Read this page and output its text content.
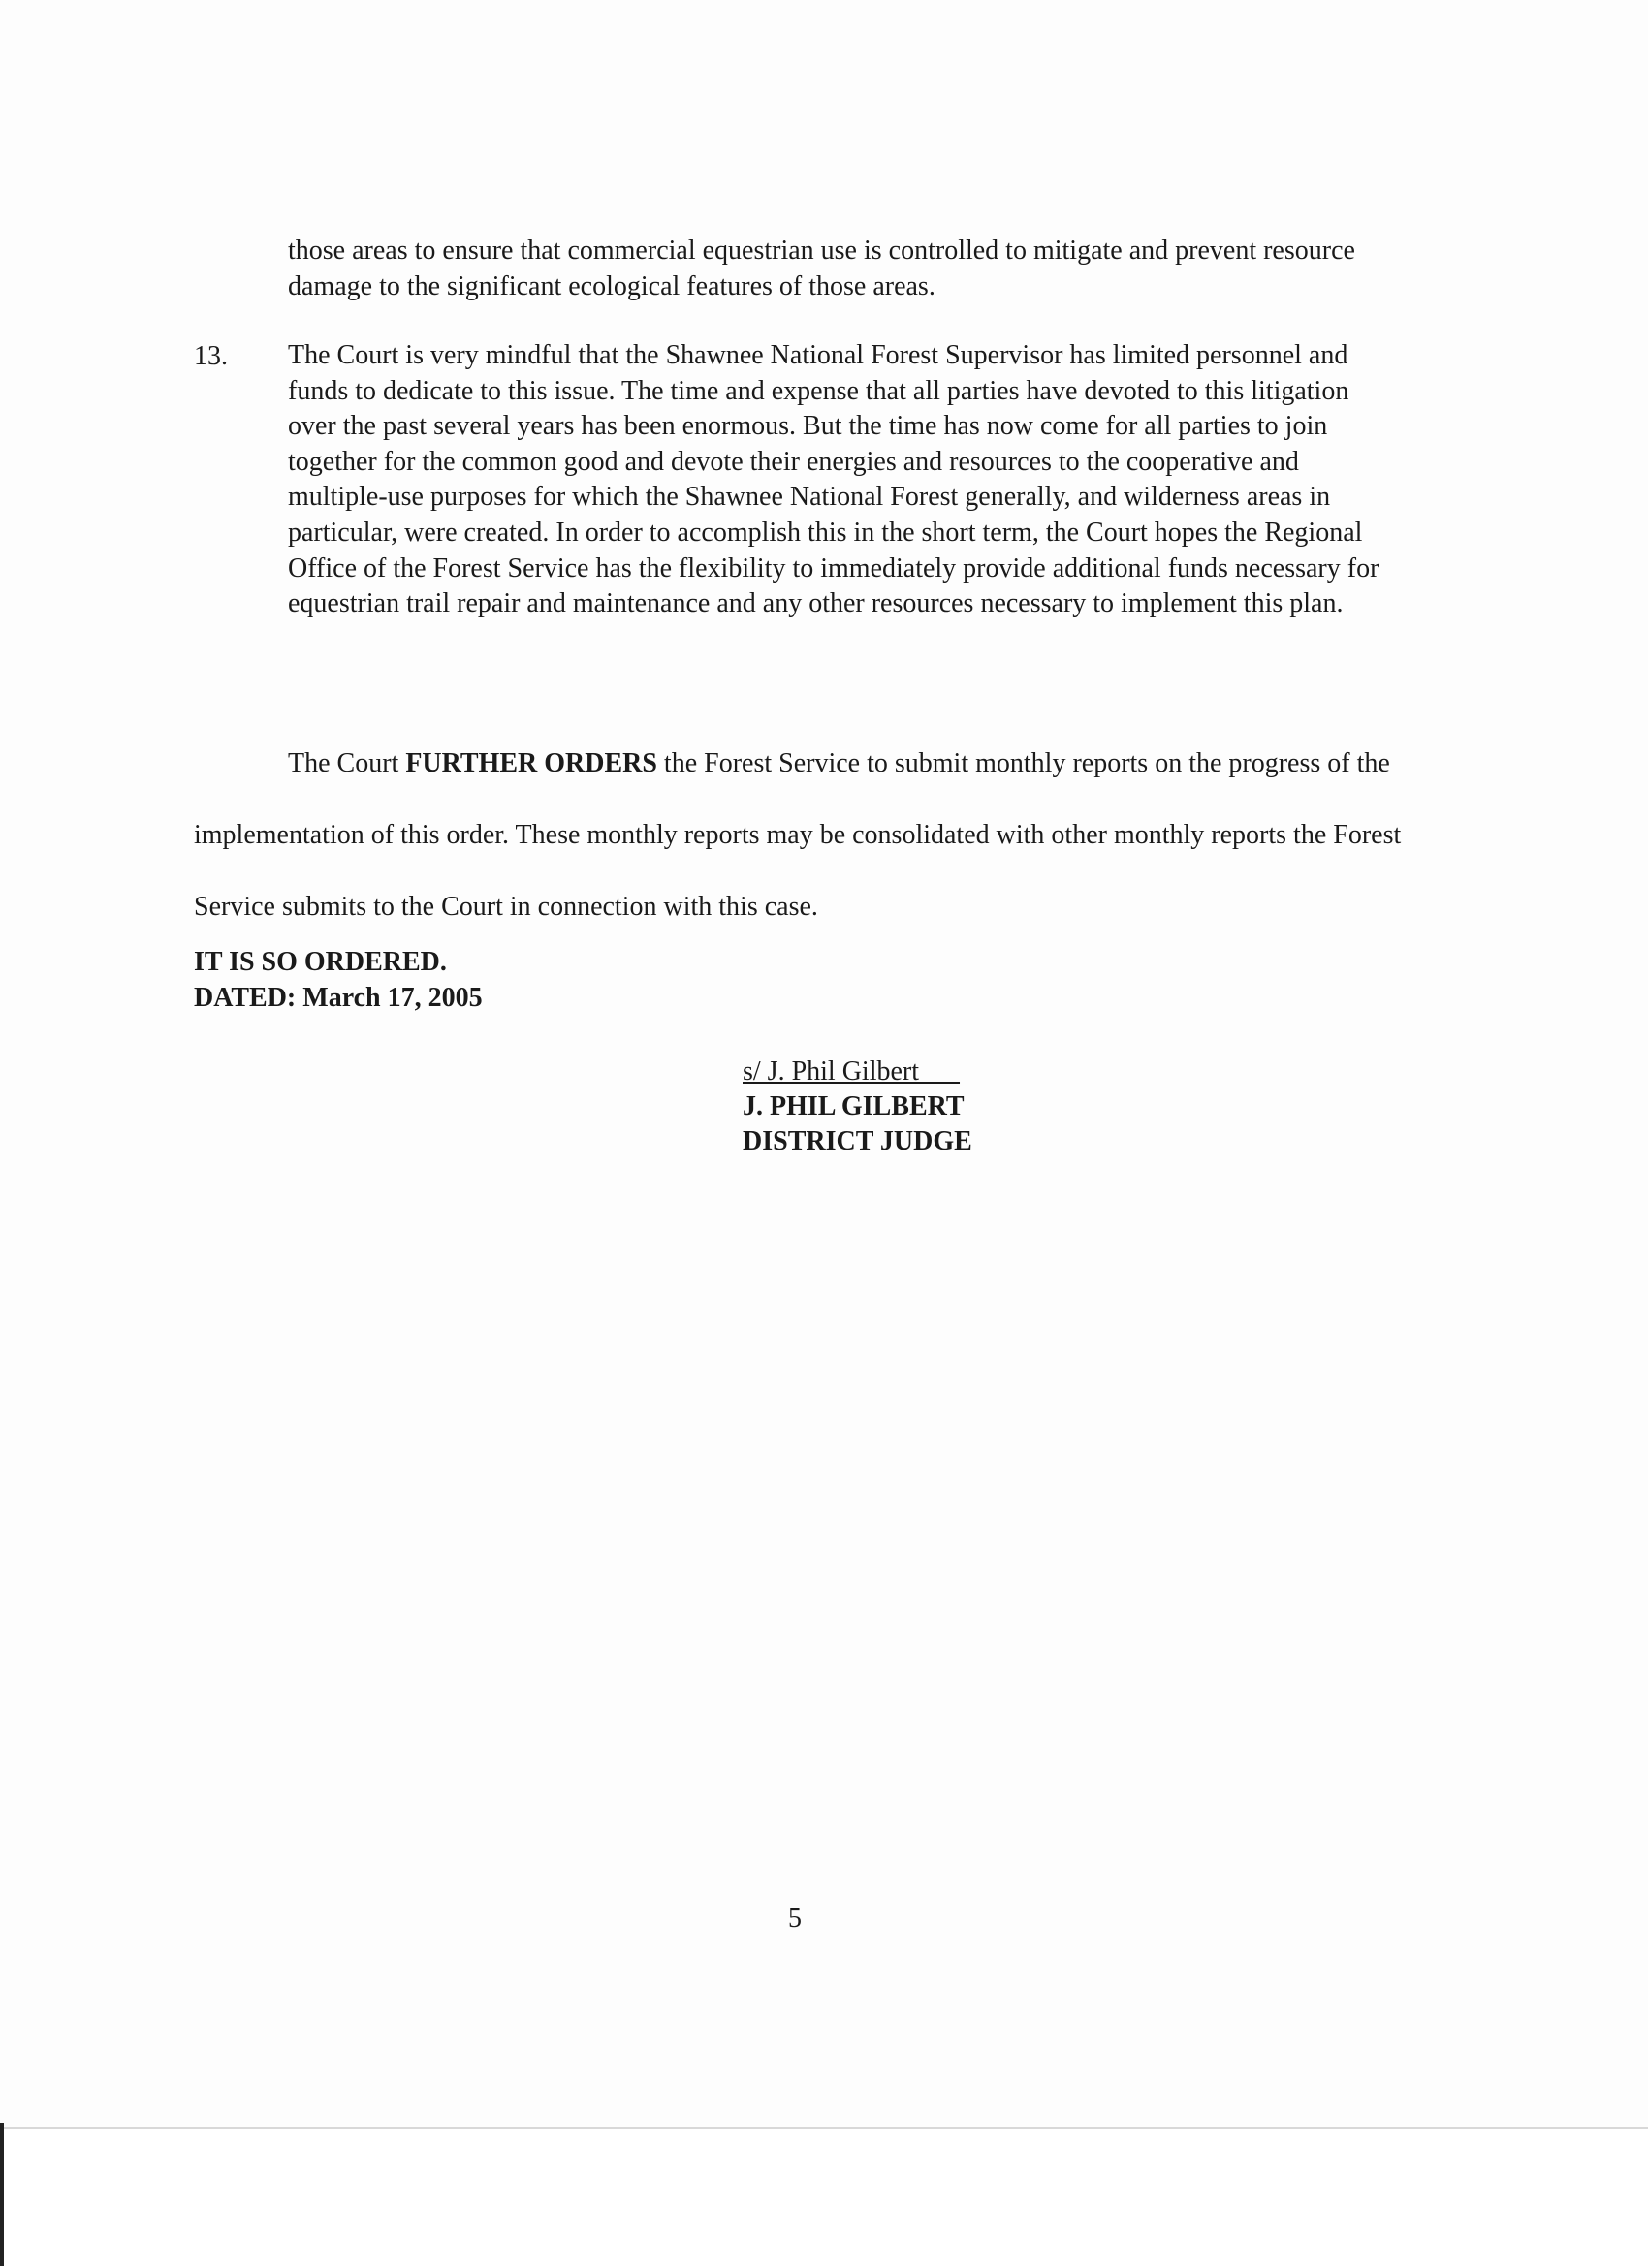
those areas to ensure that commercial equestrian use is controlled to mitigate and prevent resource damage to the significant ecological features of those areas.

13. The Court is very mindful that the Shawnee National Forest Supervisor has limited personnel and funds to dedicate to this issue. The time and expense that all parties have devoted to this litigation over the past several years has been enormous. But the time has now come for all parties to join together for the common good and devote their energies and resources to the cooperative and multiple-use purposes for which the Shawnee National Forest generally, and wilderness areas in particular, were created. In order to accomplish this in the short term, the Court hopes the Regional Office of the Forest Service has the flexibility to immediately provide additional funds necessary for equestrian trail repair and maintenance and any other resources necessary to implement this plan.

The Court FURTHER ORDERS the Forest Service to submit monthly reports on the progress of the implementation of this order. These monthly reports may be consolidated with other monthly reports the Forest Service submits to the Court in connection with this case.

IT IS SO ORDERED.
DATED: March 17, 2005
s/ J. Phil Gilbert
J. PHIL GILBERT
DISTRICT JUDGE
5
